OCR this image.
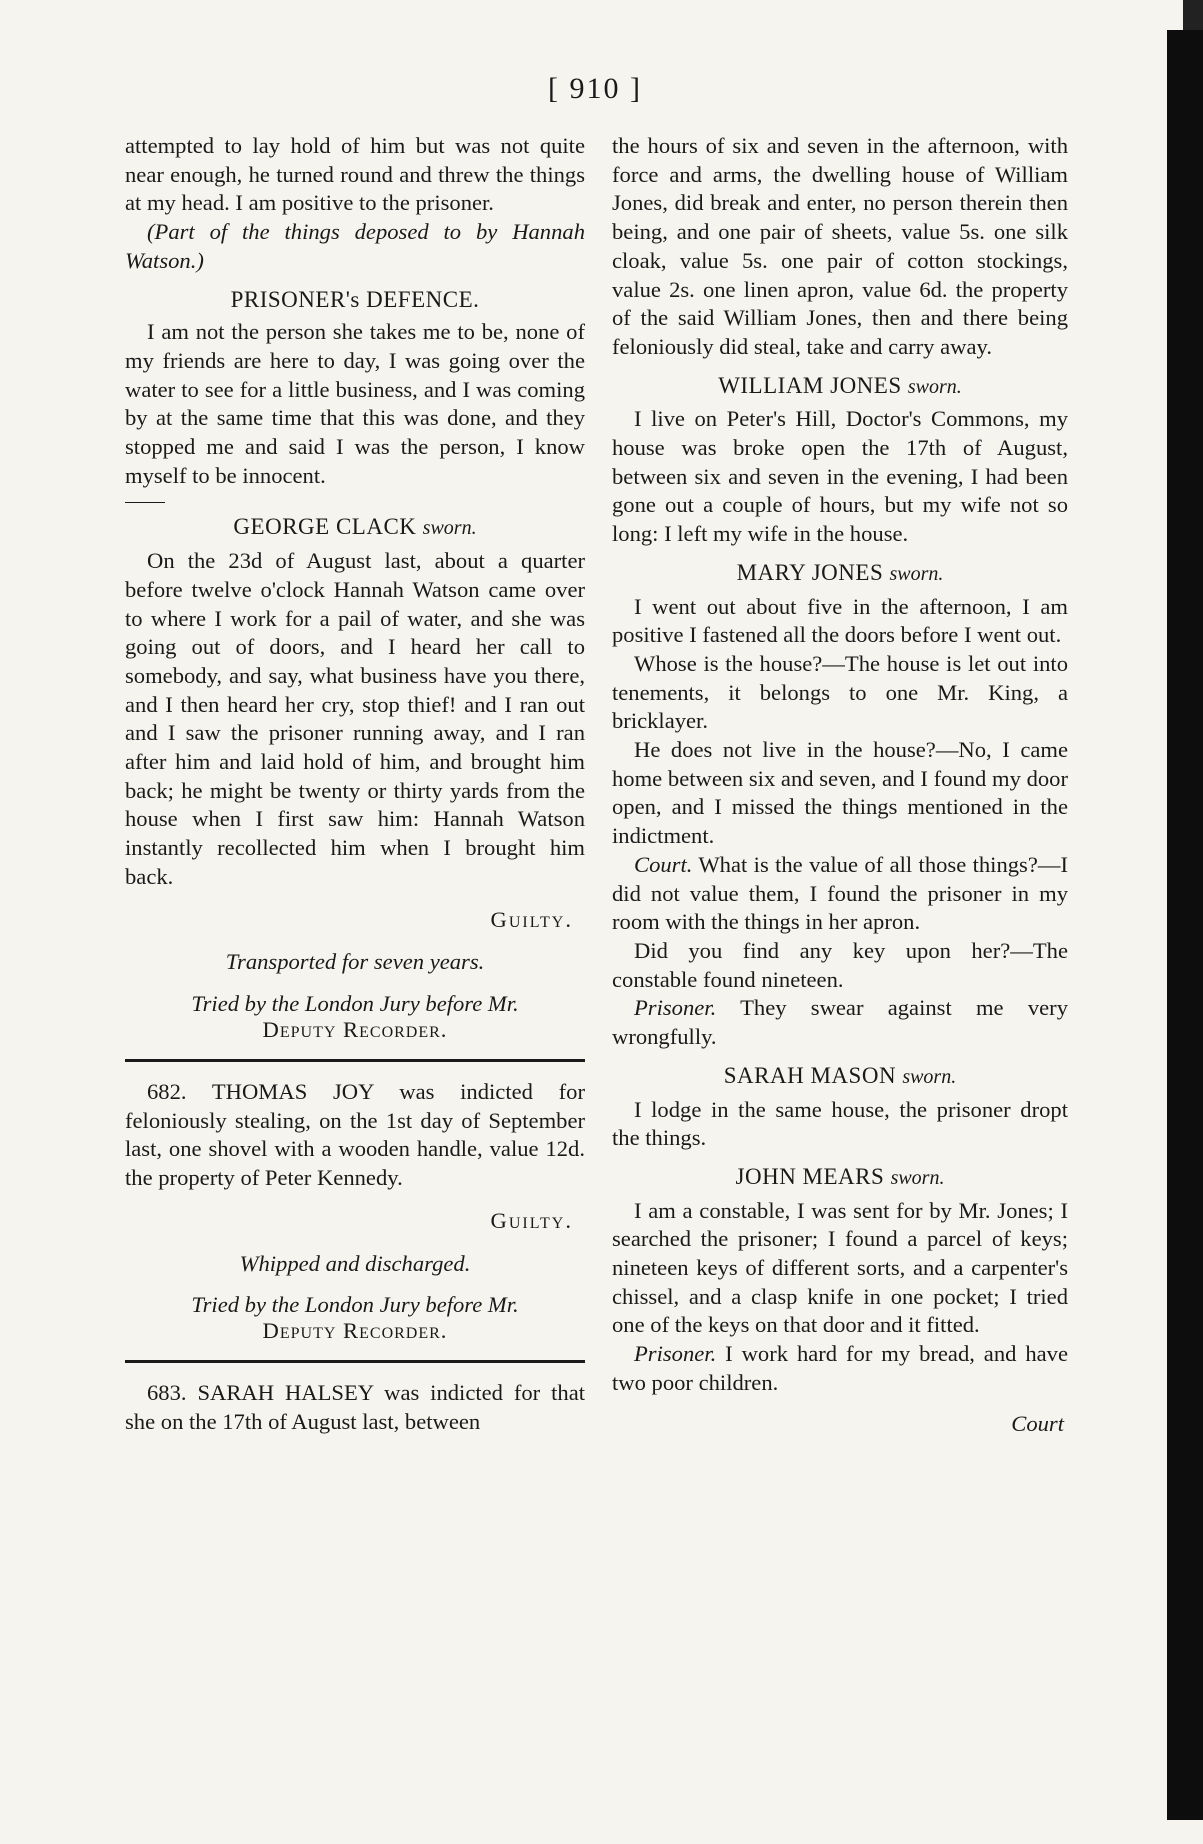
[ 910 ]

attempted to lay hold of him but was not quite near enough, he turned round and threw the things at my head. I am positive to the prisoner.

(Part of the things deposed to by Hannah Watson.)

PRISONER's DEFENCE.

I am not the person she takes me to be, none of my friends are here to day, I was going over the water to see for a little business, and I was coming by at the same time that this was done, and they stopped me and said I was the person, I know myself to be innocent.

GEORGE CLACK sworn.

On the 23d of August last, about a quarter before twelve o'clock Hannah Watson came over to where I work for a pail of water, and she was going out of doors, and I heard her call to somebody, and say, what business have you there, and I then heard her cry, stop thief! and I ran out and I saw the prisoner running away, and I ran after him and laid hold of him, and brought him back; he might be twenty or thirty yards from the house when I first saw him: Hannah Watson instantly recollected him when I brought him back.

Guilty.
Transported for seven years.
Tried by the London Jury before Mr.
Deputy Recorder.

682. THOMAS JOY was indicted for feloniously stealing, on the 1st day of September last, one shovel with a wooden handle, value 12d. the property of Peter Kennedy.

Guilty.
Whipped and discharged.
Tried by the London Jury before Mr.
Deputy Recorder.

683. SARAH HALSEY was indicted for that she on the 17th of August last, between

the hours of six and seven in the afternoon, with force and arms, the dwelling house of William Jones, did break and enter, no person therein then being, and one pair of sheets, value 5s. one silk cloak, value 5s. one pair of cotton stockings, value 2s. one linen apron, value 6d. the property of the said William Jones, then and there being feloniously did steal, take and carry away.

WILLIAM JONES sworn.

I live on Peter's Hill, Doctor's Commons, my house was broke open the 17th of August, between six and seven in the evening, I had been gone out a couple of hours, but my wife not so long: I left my wife in the house.

MARY JONES sworn.

I went out about five in the afternoon, I am positive I fastened all the doors before I went out.

Whose is the house?—The house is let out into tenements, it belongs to one Mr. King, a bricklayer.

He does not live in the house?—No, I came home between six and seven, and I found my door open, and I missed the things mentioned in the indictment.

Court. What is the value of all those things?—I did not value them, I found the prisoner in my room with the things in her apron.

Did you find any key upon her?—The constable found nineteen.

Prisoner. They swear against me very wrongfully.

SARAH MASON sworn.

I lodge in the same house, the prisoner dropt the things.

JOHN MEARS sworn.

I am a constable, I was sent for by Mr. Jones; I searched the prisoner; I found a parcel of keys; nineteen keys of different sorts, and a carpenter's chissel, and a clasp knife in one pocket; I tried one of the keys on that door and it fitted.

Prisoner. I work hard for my bread, and have two poor children.

Court
